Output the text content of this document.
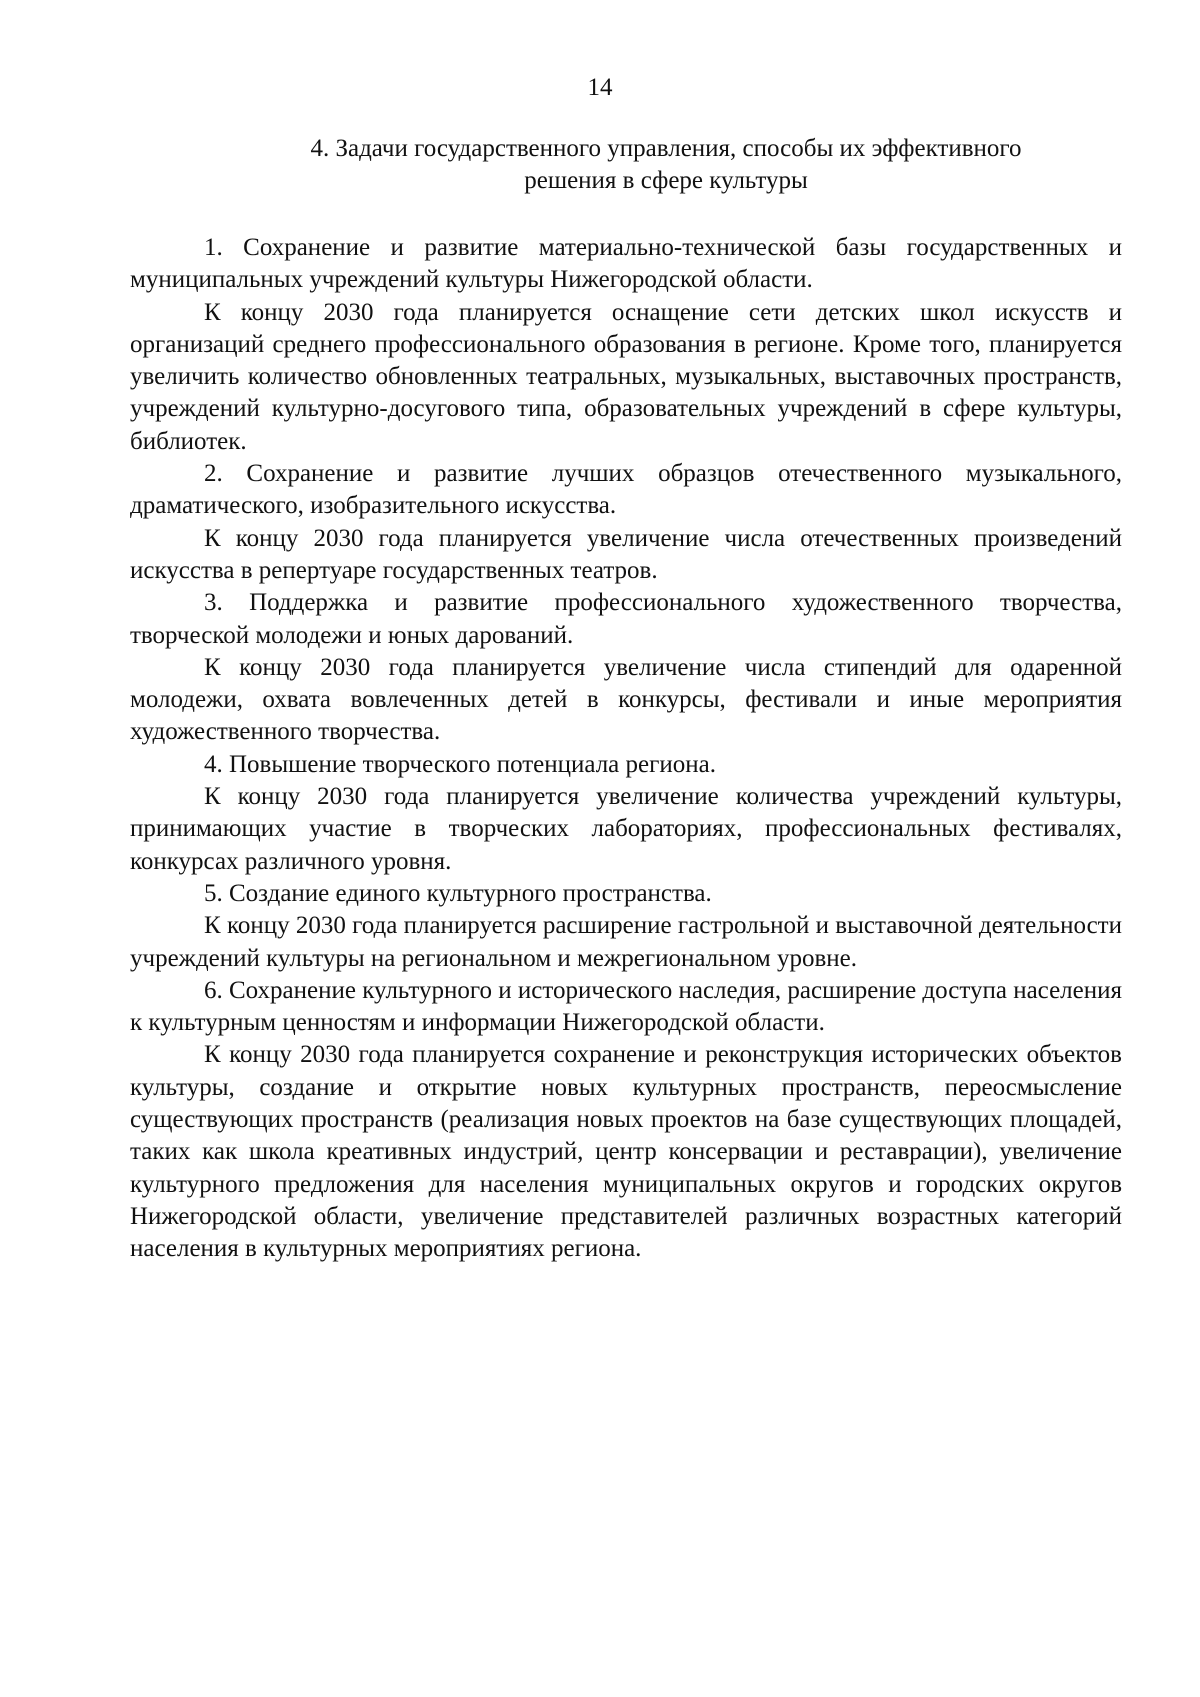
14
4. Задачи государственного управления, способы их эффективного
решения в сфере культуры

1. Сохранение и развитие материально-технической базы государственных и муниципальных учреждений культуры Нижегородской области.

К концу 2030 года планируется оснащение сети детских школ искусств и организаций среднего профессионального образования в регионе. Кроме того, планируется увеличить количество обновленных театральных, музыкальных, выставочных пространств, учреждений культурно-досугового типа, образовательных учреждений в сфере культуры, библиотек.

2. Сохранение и развитие лучших образцов отечественного музыкального, драматического, изобразительного искусства.

К концу 2030 года планируется увеличение числа отечественных произведений искусства в репертуаре государственных театров.

3. Поддержка и развитие профессионального художественного творчества, творческой молодежи и юных дарований.

К концу 2030 года планируется увеличение числа стипендий для одаренной молодежи, охвата вовлеченных детей в конкурсы, фестивали и иные мероприятия художественного творчества.

4. Повышение творческого потенциала региона.

К концу 2030 года планируется увеличение количества учреждений культуры, принимающих участие в творческих лабораториях, профессиональных фестивалях, конкурсах различного уровня.

5. Создание единого культурного пространства.

К концу 2030 года планируется расширение гастрольной и выставочной деятельности учреждений культуры на региональном и межрегиональном уровне.

6. Сохранение культурного и исторического наследия, расширение доступа населения к культурным ценностям и информации Нижегородской области.

К концу 2030 года планируется сохранение и реконструкция исторических объектов культуры, создание и открытие новых культурных пространств, переосмысление существующих пространств (реализация новых проектов на базе существующих площадей, таких как школа креативных индустрий, центр консервации и реставрации), увеличение культурного предложения для населения муниципальных округов и городских округов Нижегородской области, увеличение представителей различных возрастных категорий населения в культурных мероприятиях региона.
